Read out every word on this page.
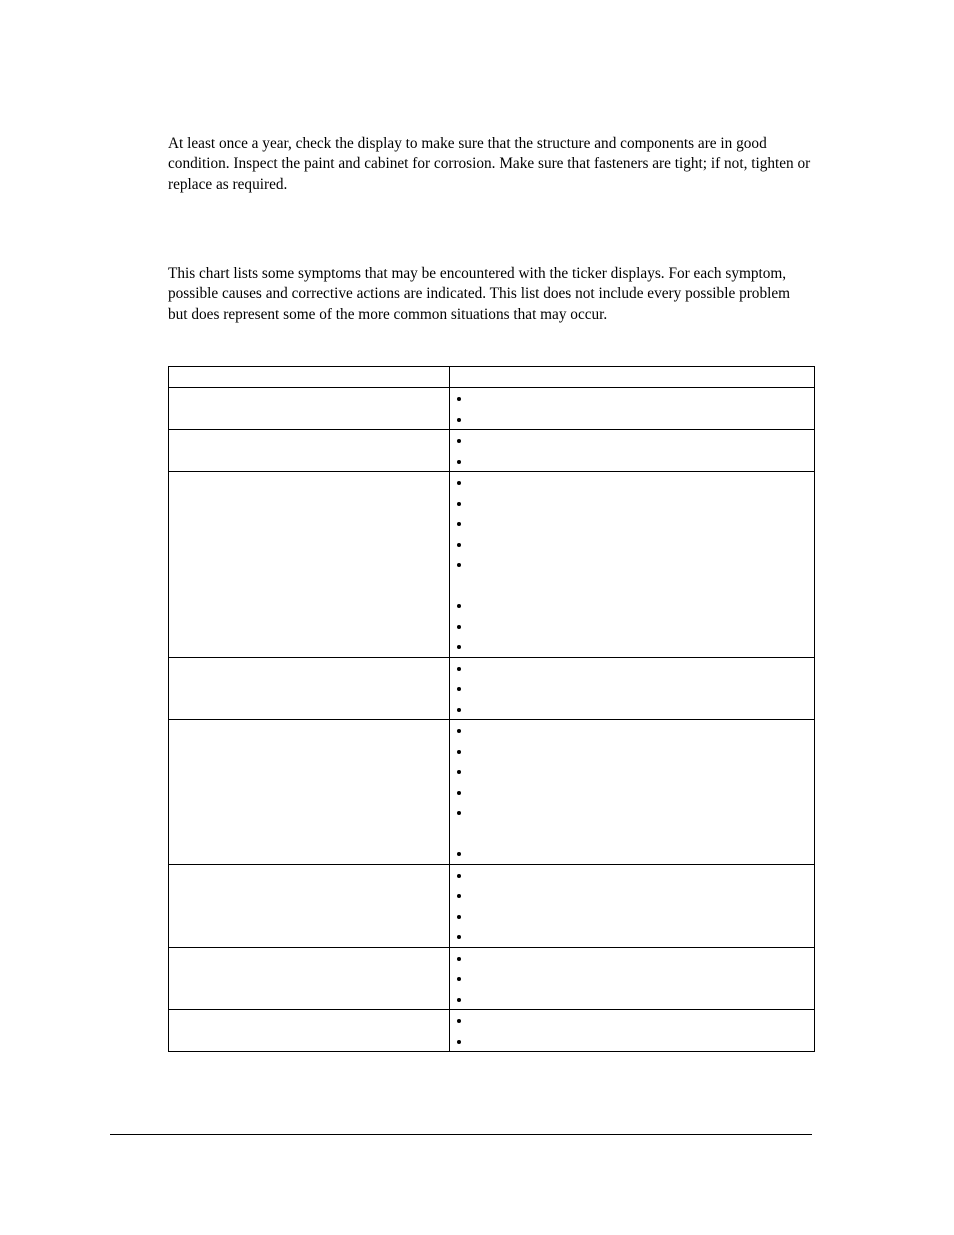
At least once a year, check the display to make sure that the structure and components are in good condition. Inspect the paint and cabinet for corrosion. Make sure that fasteners are tight; if not, tighten or replace as required.

This chart lists some symptoms that may be encountered with the ticker displays. For each symptom, possible causes and corrective actions are indicated. This list does not include every possible problem but does represent some of the more common situations that may occur.
